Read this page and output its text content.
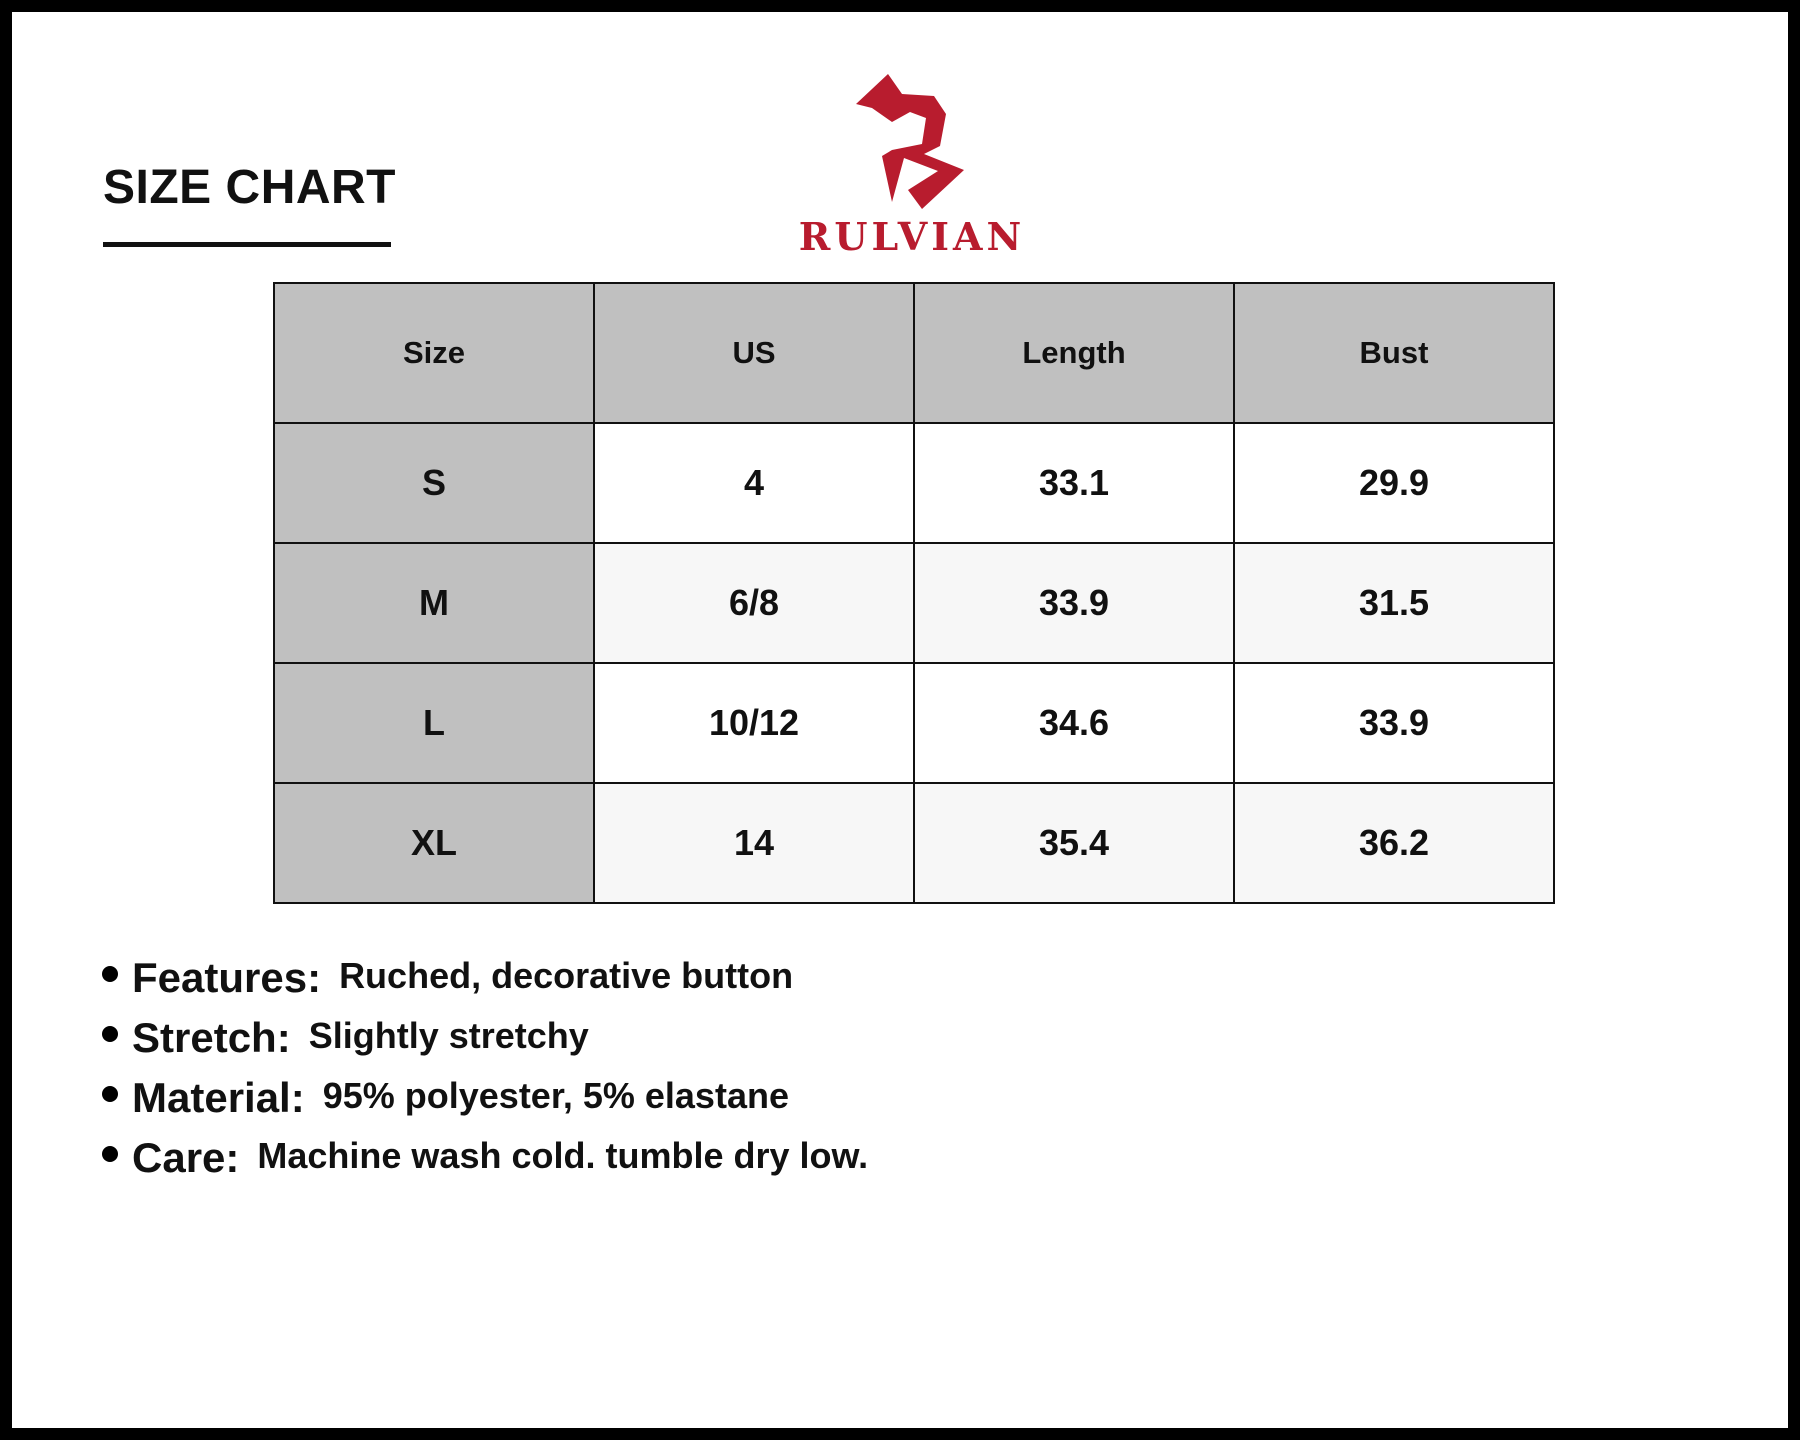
SIZE CHART
RULVIAN
Size	US	Length	Bust
S	4	33.1	29.9
M	6/8	33.9	31.5
L	10/12	34.6	33.9
XL	14	35.4	36.2
Features: Ruched, decorative button
Stretch: Slightly stretchy
Material: 95% polyester, 5% elastane
Care: Machine wash cold. tumble dry low.
